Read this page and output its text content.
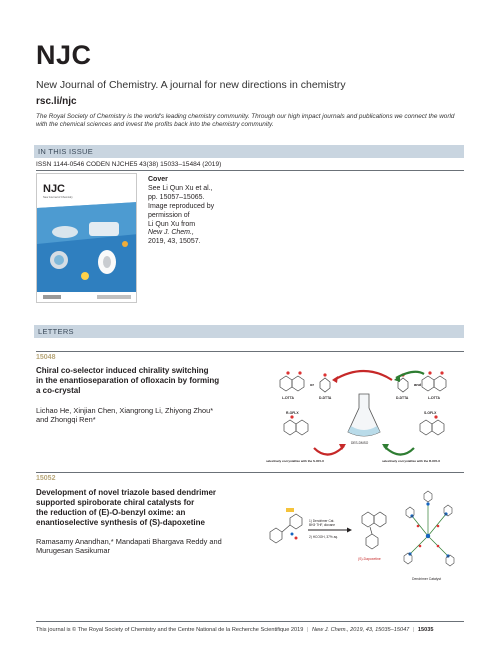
NJC
New Journal of Chemistry. A journal for new directions in chemistry
rsc.li/njc
The Royal Society of Chemistry is the world's leading chemistry community. Through our high impact journals and publications we connect the world with the chemical sciences and invest the profits back into the chemistry community.
IN THIS ISSUE
ISSN 1144-0546 CODEN NJCHE5 43(38) 15033–15484 (2019)
NJC
New Journal of Chemistry
Cover
See Li Qun Xu et al.,
pp. 15057–15065.
Image reproduced by
permission of
Li Qun Xu from
New J. Chem.,
2019, 43, 15057.
LETTERS
15048
Chiral co-selector induced chirality switching
in the enantioseparation of ofloxacin by forming
a co-crystal
Lichao He, Xinjian Chen, Xiangrong Li, Zhiyong Zhou*
and Zhongqi Ren*
L-DTTA
or
D-DTTA	D-DTTA
and
L-DTTA
DES-DMSO
R-OFLX	S-OFLX
selectively cocrystallize with the S-OFLX	selectively cocrystallize with the R-OFLX
15052
Development of novel triazole based dendrimer
supported spiroborate chiral catalysts for
the reduction of (E)-O-benzyl oxime: an
enantioselective synthesis of (S)-dapoxetine
Ramasamy Anandhan,* Mandapati Bhargava Reddy and
Murugesan Sasikumar
1) Dendrimer Cat.
BH3·THF, dioxane
2) HCOOH, 37% aq.
(S)-Dapoxetine
Dendrimer Catalyst
This journal is © The Royal Society of Chemistry and the Centre National de la Recherche Scientifique 2019 | New J. Chem., 2019, 43, 15035–15047 | 15035
